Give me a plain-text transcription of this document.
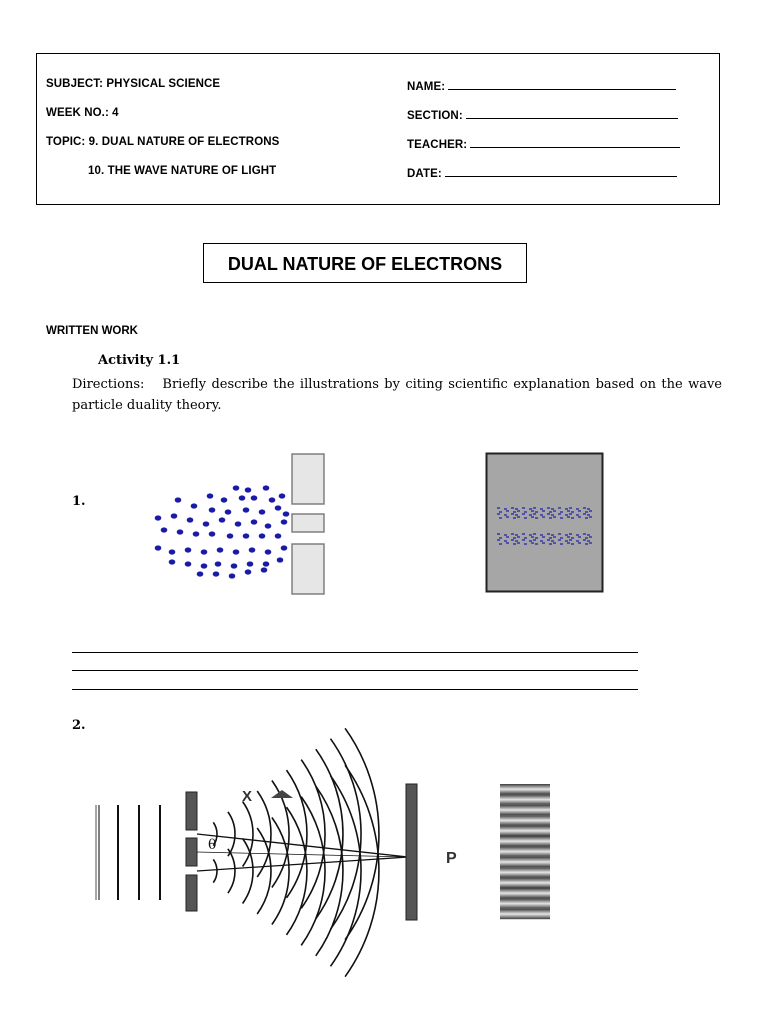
SUBJECT: PHYSICAL SCIENCE
WEEK NO.: 4
TOPIC: 9. DUAL NATURE OF ELECTRONS
10. THE WAVE NATURE OF LIGHT
NAME:
SECTION:
TEACHER:
DATE:
DUAL NATURE OF ELECTRONS
WRITTEN WORK
Activity 1.1
Directions: Briefly describe the illustrations by citing scientific explanation based on the wave particle duality theory.
1.
2.
X
θ
P
